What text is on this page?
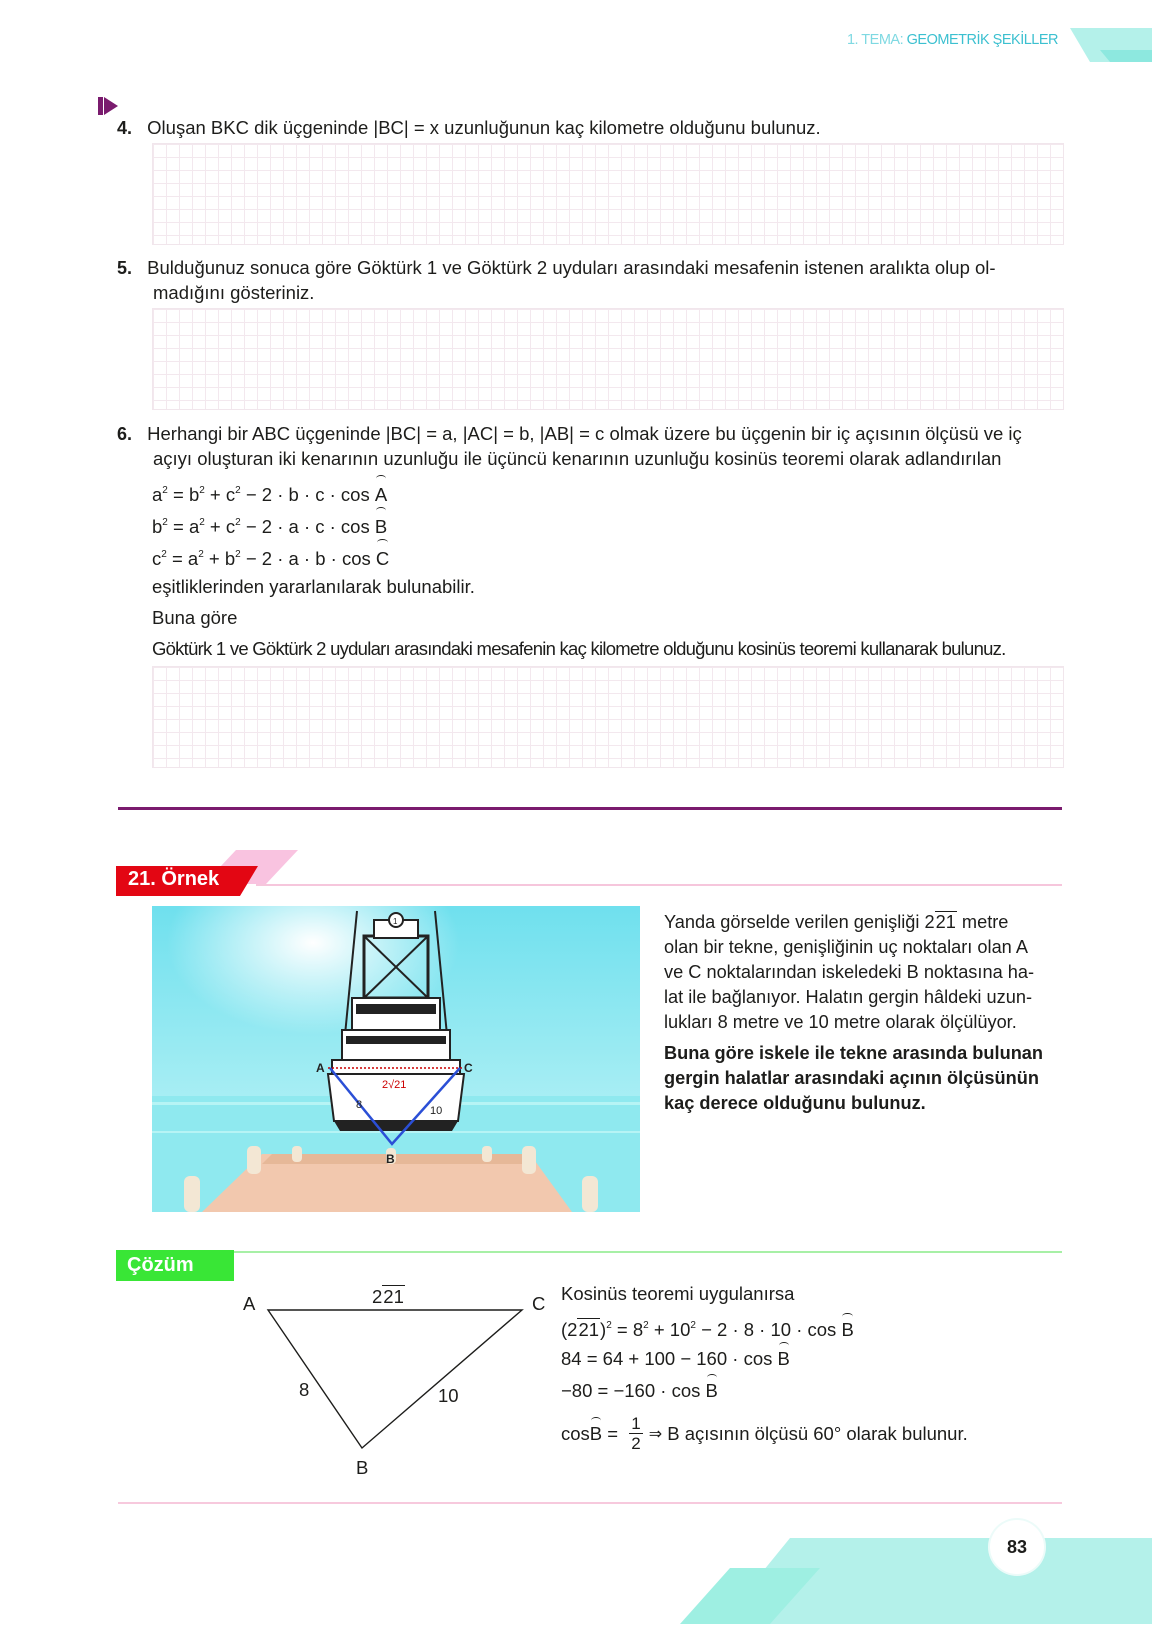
1. TEMA: GEOMETRİK ŞEKİLLER
4. Oluşan BKC dik üçgeninde |BC| = x uzunluğunun kaç kilometre olduğunu bulunuz.
5. Bulduğunuz sonuca göre Göktürk 1 ve Göktürk 2 uyduları arasındaki mesafenin istenen aralıkta olup ol-
madığını gösteriniz.
6. Herhangi bir ABC üçgeninde |BC| = a, |AC| = b, |AB| = c olmak üzere bu üçgenin bir iç açısının ölçüsü ve iç
açıyı oluşturan iki kenarının uzunluğu ile üçüncü kenarının uzunluğu kosinüs teoremi olarak adlandırılan
$a^2 = b^2 + c^2 - 2 \cdot b \cdot c \cdot \cos A$
$b^2 = a^2 + c^2 - 2 \cdot a \cdot c \cdot \cos B$
$c^2 = a^2 + b^2 - 2 \cdot a \cdot b \cdot \cos C$
eşitliklerinden yararlanılarak bulunabilir.
Buna göre
Göktürk 1 ve Göktürk 2 uyduları arasındaki mesafenin kaç kilometre olduğunu kosinüs teoremi kullanarak bulunuz.
21. Örnek
A	C
B
2√21
8	10
1	Yanda görselde verilen genişliği 221 metre
olan bir tekne, genişliğinin uç noktaları olan A
ve C noktalarından iskeledeki B noktasına ha-
lat ile bağlanıyor. Halatın gergin hâldeki uzun-
lukları 8 metre ve 10 metre olarak ölçülüyor.
Buna göre iskele ile tekne arasında bulunan
gergin halatlar arasındaki açının ölçüsünün
kaç derece olduğunu bulunuz.
Çözüm
A	C
B
221
8	10
Kosinüs teoremi uygulanırsa
$(221)^2 = 8^2 + 10^2 - 2 \cdot 8 \cdot 10 \cdot \cos B$
84 = 64 + 100 − 160 · cos B
−80 = −160 · cos B
$\cos B = \frac{1}{2}$ ⇒ B açısının ölçüsü 60° olarak bulunur.
83
